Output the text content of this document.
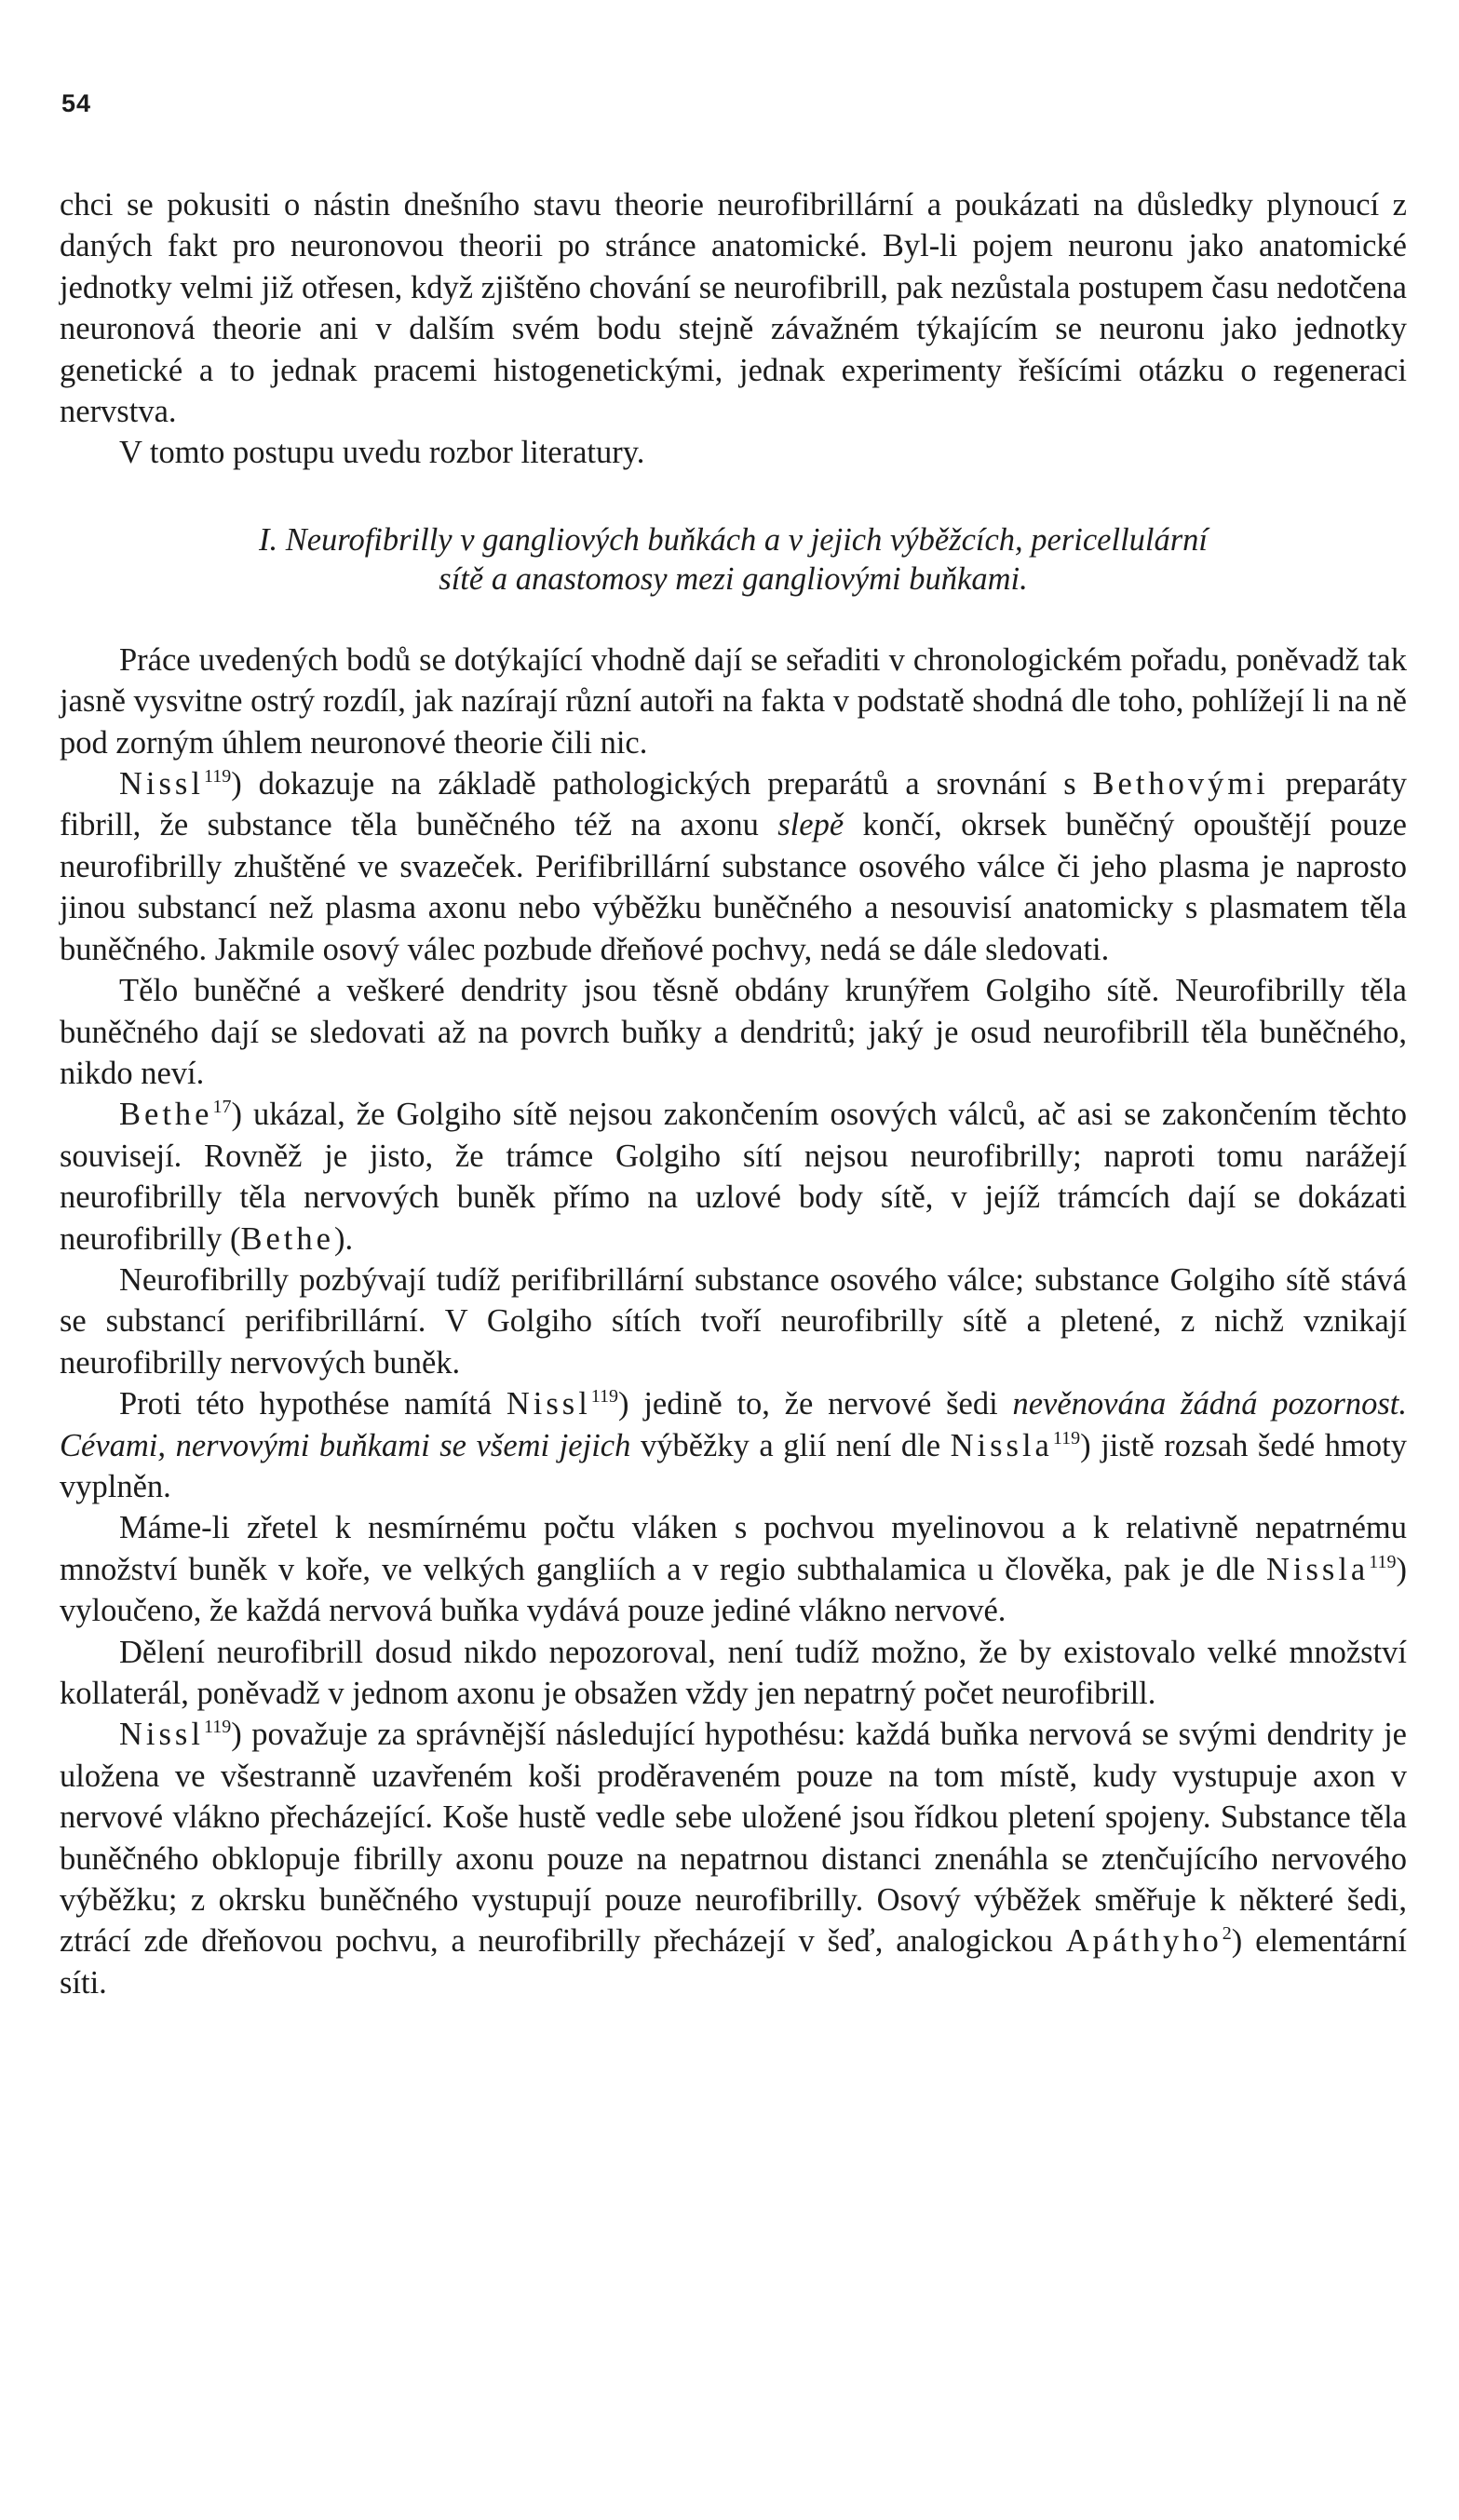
54

chci se pokusiti o nástin dnešního stavu theorie neurofibrillární a poukázati na důsledky plynoucí z daných fakt pro neuronovou theorii po stránce anatomické. Byl-li pojem neuronu jako anatomické jednotky velmi již otřesen, když zjištěno chování se neurofibrill, pak nezůstala postupem času nedotčena neuronová theorie ani v dalším svém bodu stejně závažném týkajícím se neuronu jako jednotky genetické a to jednak pracemi histogenetickými, jednak experimenty řešícími otázku o regeneraci nervstva.

V tomto postupu uvedu rozbor literatury.

I. Neurofibrilly v gangliových buňkách a v jejich výběžcích, pericellulární
sítě a anastomosy mezi gangliovými buňkami.

Práce uvedených bodů se dotýkající vhodně dají se seřaditi v chronologickém pořadu, poněvadž tak jasně vysvitne ostrý rozdíl, jak nazírají různí autoři na fakta v podstatě shodná dle toho, pohlížejí li na ně pod zorným úhlem neuronové theorie čili nic.

Nissl$^{119}$) dokazuje na základě pathologických preparátů a srovnání s Bethovými preparáty fibrill, že substance těla buněčného též na axonu slepě končí, okrsek buněčný opouštějí pouze neurofibrilly zhuštěné ve svazeček. Perifibrillární substance osového válce či jeho plasma je naprosto jinou substancí než plasma axonu nebo výběžku buněčného a nesouvisí anatomicky s plasmatem těla buněčného. Jakmile osový válec pozbude dřeňové pochvy, nedá se dále sledovati.

Tělo buněčné a veškeré dendrity jsou těsně obdány krunýřem Golgiho sítě. Neurofibrilly těla buněčného dají se sledovati až na povrch buňky a dendritů; jaký je osud neurofibrill těla buněčného, nikdo neví.

Bethe$^{17}$) ukázal, že Golgiho sítě nejsou zakončením osových válců, ač asi se zakončením těchto souvisejí. Rovněž je jisto, že trámce Golgiho sítí nejsou neurofibrilly; naproti tomu narážejí neurofibrilly těla nervových buněk přímo na uzlové body sítě, v jejíž trámcích dají se dokázati neurofibrilly (Bethe).

Neurofibrilly pozbývají tudíž perifibrillární substance osového válce; substance Golgiho sítě stává se substancí perifibrillární. V Golgiho sítích tvoří neurofibrilly sítě a pletené, z nichž vznikají neurofibrilly nervových buněk.

Proti této hypothése namítá Nissl$^{119}$) jedině to, že nervové šedi nevěnována žádná pozornost. Cévami, nervovými buňkami se všemi jejich výběžky a glií není dle Nissla$^{119}$) jistě rozsah šedé hmoty vyplněn.

Máme-li zřetel k nesmírnému počtu vláken s pochvou myelinovou a k relativně nepatrnému množství buněk v koře, ve velkých gangliích a v regio subthalamica u člověka, pak je dle Nissla$^{119}$) vyloučeno, že každá nervová buňka vydává pouze jediné vlákno nervové.

Dělení neurofibrill dosud nikdo nepozoroval, není tudíž možno, že by existovalo velké množství kollaterál, poněvadž v jednom axonu je obsažen vždy jen nepatrný počet neurofibrill.

Nissl$^{119}$) považuje za správnější následující hypothésu: každá buňka nervová se svými dendrity je uložena ve všestranně uzavřeném koši proděraveném pouze na tom místě, kudy vystupuje axon v nervové vlákno přecházející. Koše hustě vedle sebe uložené jsou řídkou pletení spojeny. Substance těla buněčného obklopuje fibrilly axonu pouze na nepatrnou distanci znenáhla se ztenčujícího nervového výběžku; z okrsku buněčného vystupují pouze neurofibrilly. Osový výběžek směřuje k některé šedi, ztrácí zde dřeňovou pochvu, a neurofibrilly přecházejí v šeď, analogickou Apáthyho$^2$) elementární síti.
